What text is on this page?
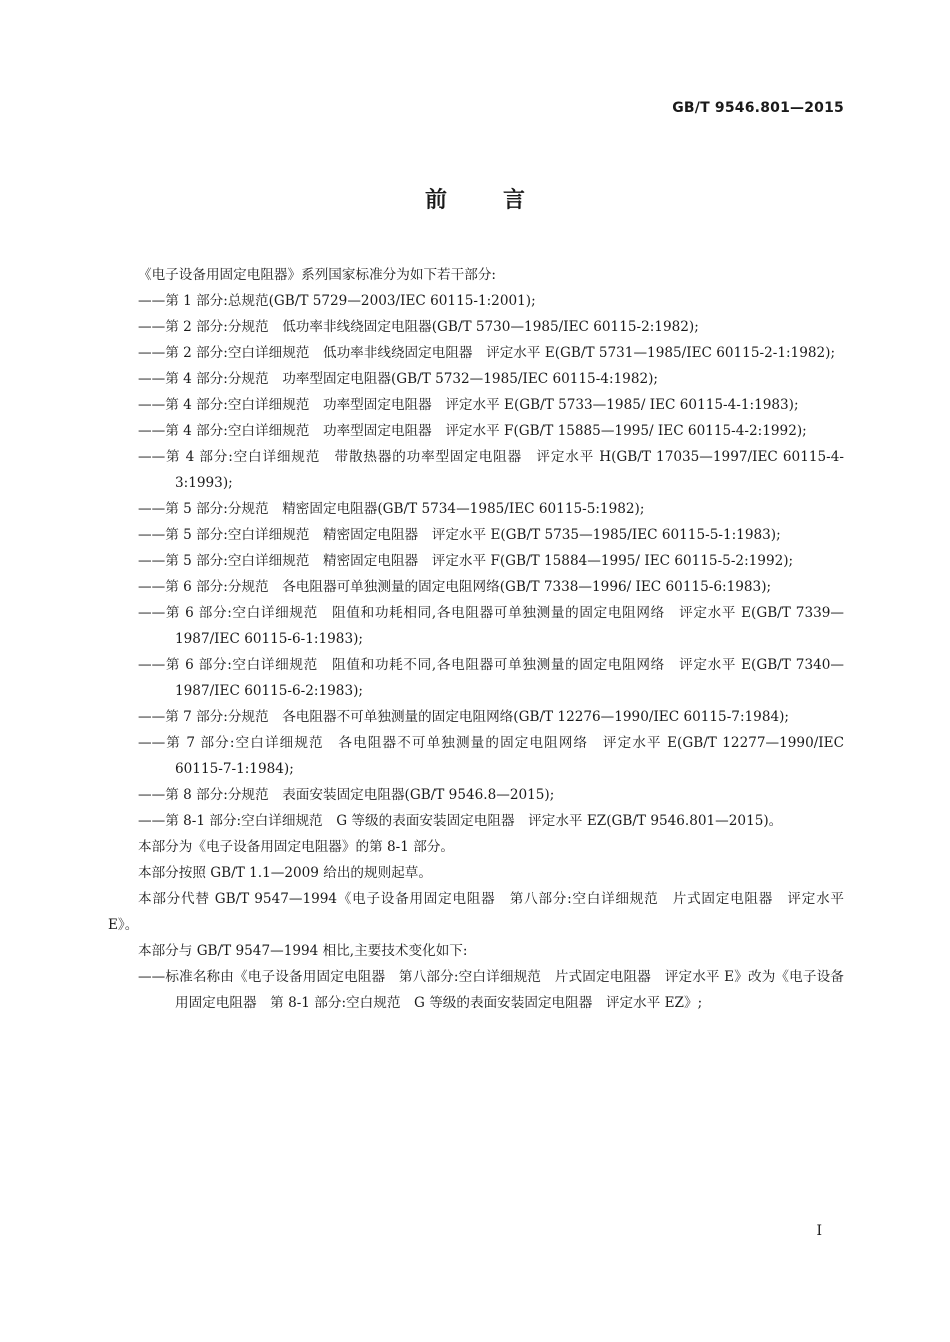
GB/T 9546.801—2015
前言

《电子设备用固定电阻器》系列国家标准分为如下若干部分:

——第 1 部分:总规范(GB/T 5729—2003/IEC 60115-1:2001);

——第 2 部分:分规范　低功率非线绕固定电阻器(GB/T 5730—1985/IEC 60115-2:1982);

——第 2 部分:空白详细规范　低功率非线绕固定电阻器　评定水平 E(GB/T 5731—1985/IEC 60115-2-1:1982);

——第 4 部分:分规范　功率型固定电阻器(GB/T 5732—1985/IEC 60115-4:1982);

——第 4 部分:空白详细规范　功率型固定电阻器　评定水平 E(GB/T 5733—1985/ IEC 60115-4-1:1983);

——第 4 部分:空白详细规范　功率型固定电阻器　评定水平 F(GB/T 15885—1995/ IEC 60115-4-2:1992);

——第 4 部分:空白详细规范　带散热器的功率型固定电阻器　评定水平 H(GB/T 17035—1997/IEC 60115-4-3:1993);

——第 5 部分:分规范　精密固定电阻器(GB/T 5734—1985/IEC 60115-5:1982);

——第 5 部分:空白详细规范　精密固定电阻器　评定水平 E(GB/T 5735—1985/IEC 60115-5-1:1983);

——第 5 部分:空白详细规范　精密固定电阻器　评定水平 F(GB/T 15884—1995/ IEC 60115-5-2:1992);

——第 6 部分:分规范　各电阻器可单独测量的固定电阻网络(GB/T 7338—1996/ IEC 60115-6:1983);

——第 6 部分:空白详细规范　阻值和功耗相同,各电阻器可单独测量的固定电阻网络　评定水平 E(GB/T 7339—1987/IEC 60115-6-1:1983);

——第 6 部分:空白详细规范　阻值和功耗不同,各电阻器可单独测量的固定电阻网络　评定水平 E(GB/T 7340—1987/IEC 60115-6-2:1983);

——第 7 部分:分规范　各电阻器不可单独测量的固定电阻网络(GB/T 12276—1990/IEC 60115-7:1984);

——第 7 部分:空白详细规范　各电阻器不可单独测量的固定电阻网络　评定水平 E(GB/T 12277—1990/IEC 60115-7-1:1984);

——第 8 部分:分规范　表面安装固定电阻器(GB/T 9546.8—2015);

——第 8-1 部分:空白详细规范　G 等级的表面安装固定电阻器　评定水平 EZ(GB/T 9546.801—2015)。

本部分为《电子设备用固定电阻器》的第 8-1 部分。

本部分按照 GB/T 1.1—2009 给出的规则起草。

本部分代替 GB/T 9547—1994《电子设备用固定电阻器　第八部分:空白详细规范　片式固定电阻器　评定水平 E》。

本部分与 GB/T 9547—1994 相比,主要技术变化如下:

——标准名称由《电子设备用固定电阻器　第八部分:空白详细规范　片式固定电阻器　评定水平 E》改为《电子设备用固定电阻器　第 8-1 部分:空白规范　G 等级的表面安装固定电阻器　评定水平 EZ》;

I
